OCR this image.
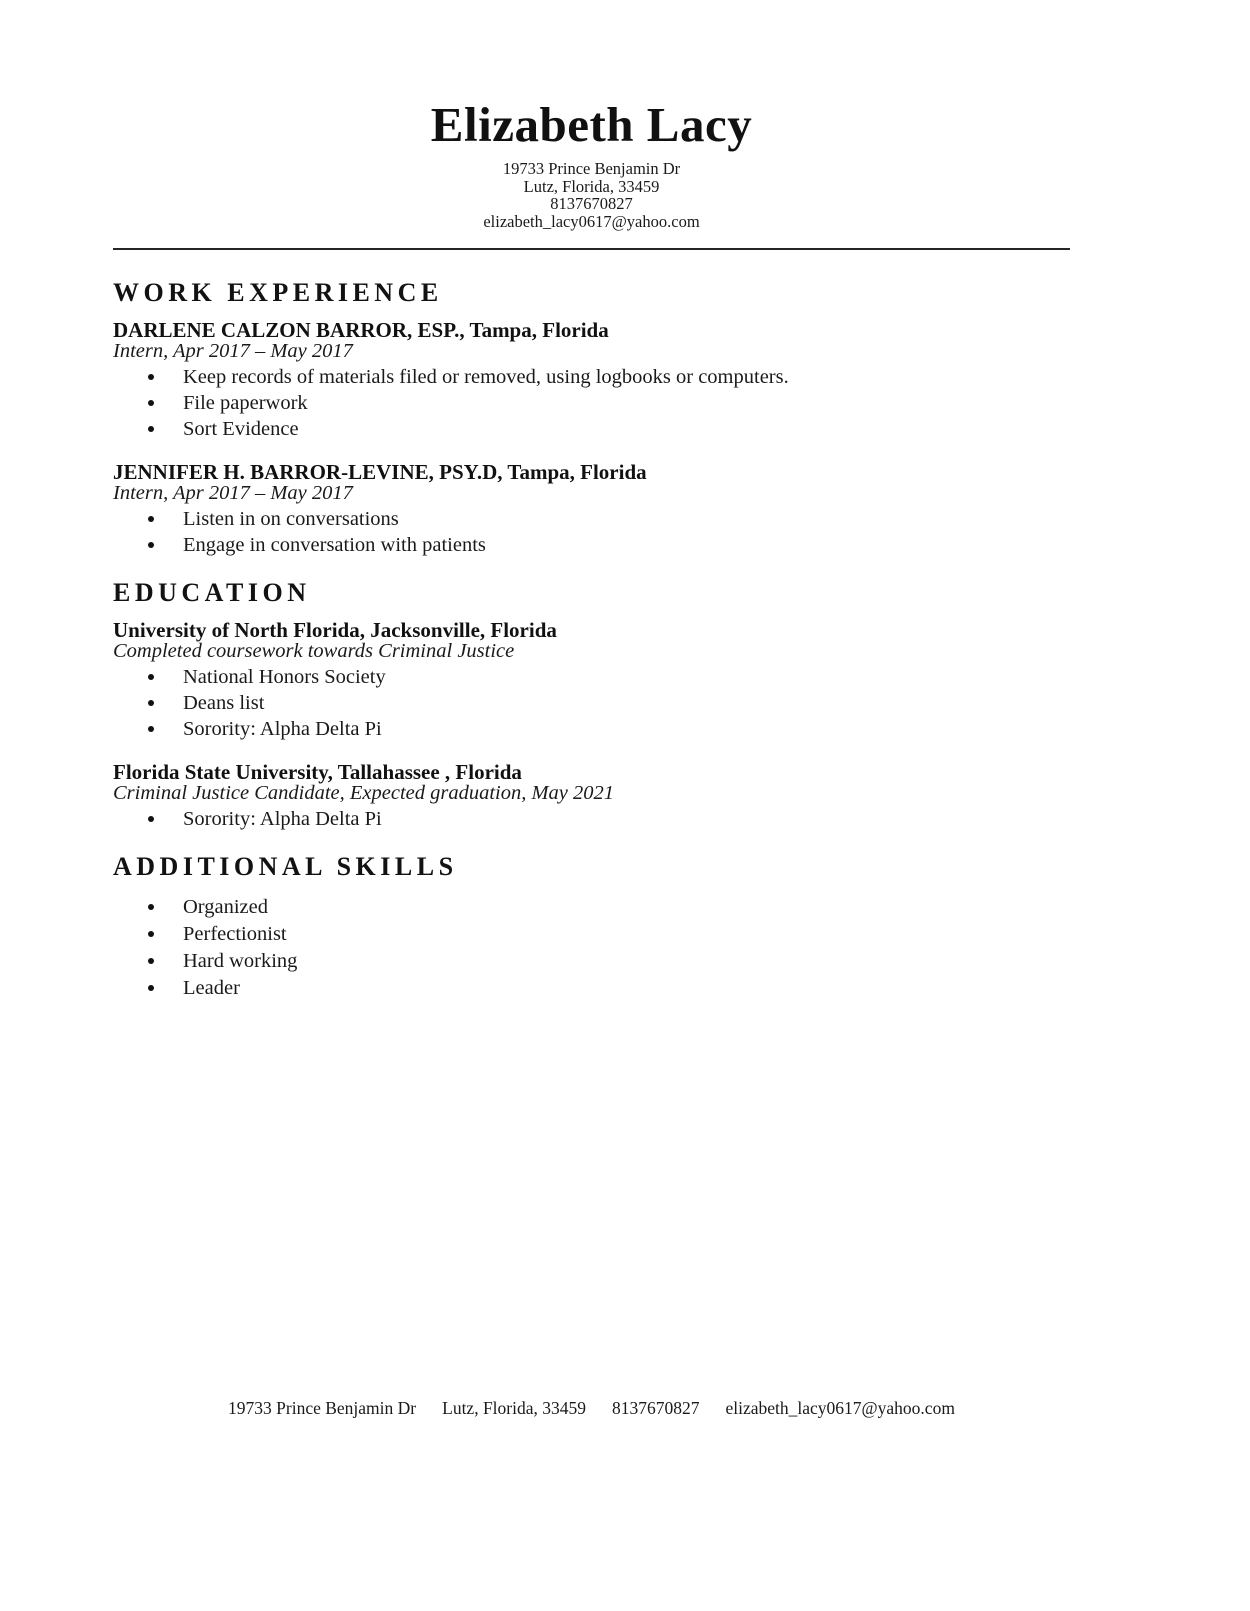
Elizabeth Lacy
19733 Prince Benjamin Dr
Lutz, Florida, 33459
8137670827
elizabeth_lacy0617@yahoo.com
WORK EXPERIENCE
DARLENE CALZON BARROR, ESP., Tampa, Florida
Intern, Apr 2017 – May 2017
Keep records of materials filed or removed, using logbooks or computers.
File paperwork
Sort Evidence
JENNIFER H. BARROR-LEVINE, PSY.D, Tampa, Florida
Intern, Apr 2017 – May 2017
Listen in on conversations
Engage in conversation with patients
EDUCATION
University of North Florida, Jacksonville, Florida
Completed coursework towards Criminal Justice
National Honors Society
Deans list
Sorority: Alpha Delta Pi
Florida State University, Tallahassee , Florida
Criminal Justice Candidate, Expected graduation, May 2021
Sorority: Alpha Delta Pi
ADDITIONAL SKILLS
Organized
Perfectionist
Hard working
Leader
19733 Prince Benjamin Dr Lutz, Florida, 33459 8137670827 elizabeth_lacy0617@yahoo.com
